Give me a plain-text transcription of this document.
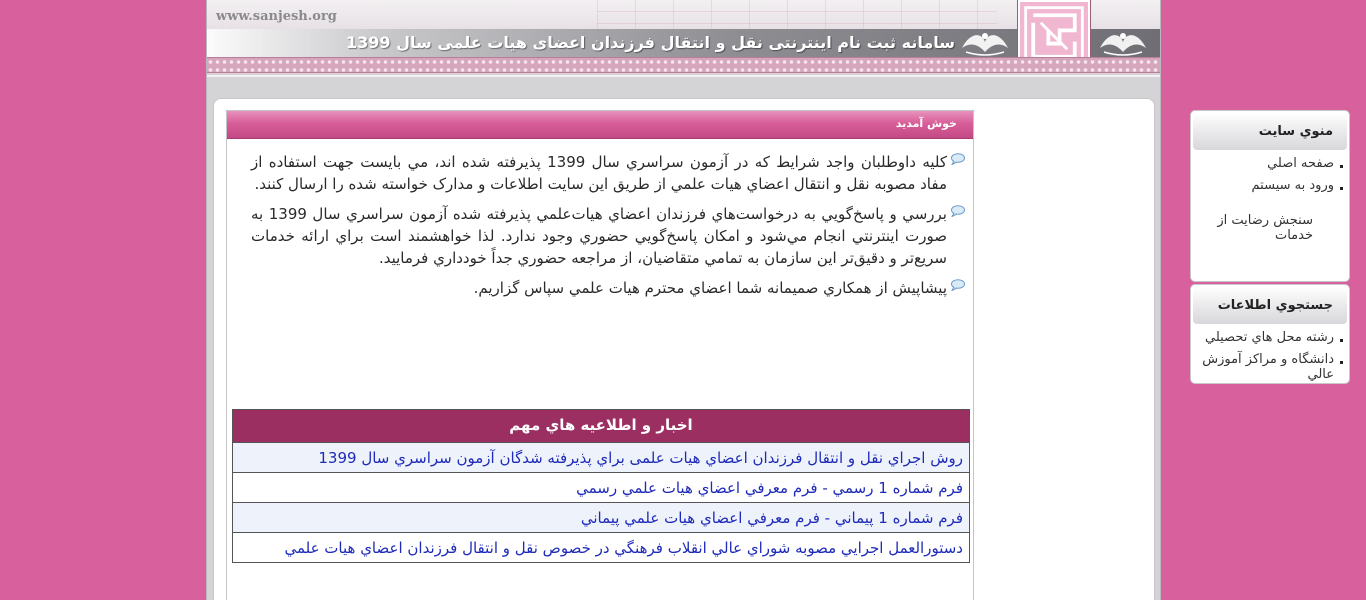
www.sanjesh.org
سامانه ثبت نام اینترنتی نقل و انتقال فرزندان اعضای هیات علمی سال 1399
منوي سايت
صفحه اصلي
ورود به سيستم
سنجش رضايت از خدمات
جستجوي اطلاعات
رشته محل هاي تحصيلي
دانشگاه و مراكز آموزش عالي
خوش آمديد
كليه داوطلبان واجد شرايط كه در آزمون سراسري سال 1399 پذيرفته شده اند، مي بايست جهت استفاده از مفاد مصوبه نقل و انتقال اعضاي هيات علمي از طريق اين سايت اطلاعات و مدارک خواسته شده را ارسال كنند.
بررسي و پاسخ‌گويي به درخواست‌هاي فرزندان اعضاي هيات‌علمي پذيرفته شده آزمون سراسري سال 1399 به صورت اينترنتي انجام مي‌شود و امكان پاسخ‌گويي حضوري وجود ندارد. لذا خواهشمند است براي ارائه خدمات سريع‌تر و دقيق‌تر اين سازمان به تمامي متقاضيان، از مراجعه حضوري جداً خودداري فرماييد.
پيشاپيش از همكاري صميمانه شما اعضاي محترم هيات علمي سپاس گزاريم.
اخبار و اطلاعيه هاي مهم
روش اجراي نقل و انتقال فرزندان اعضاي هيات علمی براي پذيرفته شدگان آزمون سراسري سال 1399
فرم شماره 1 رسمي - فرم معرفي اعضاي هيات علمي رسمي
فرم شماره 1 پيماني - فرم معرفي اعضاي هيات علمي پيماني
دستورالعمل اجرايي مصوبه شوراي عالي انقلاب فرهنگي در خصوص نقل و انتقال فرزندان اعضاي هيات علمي
